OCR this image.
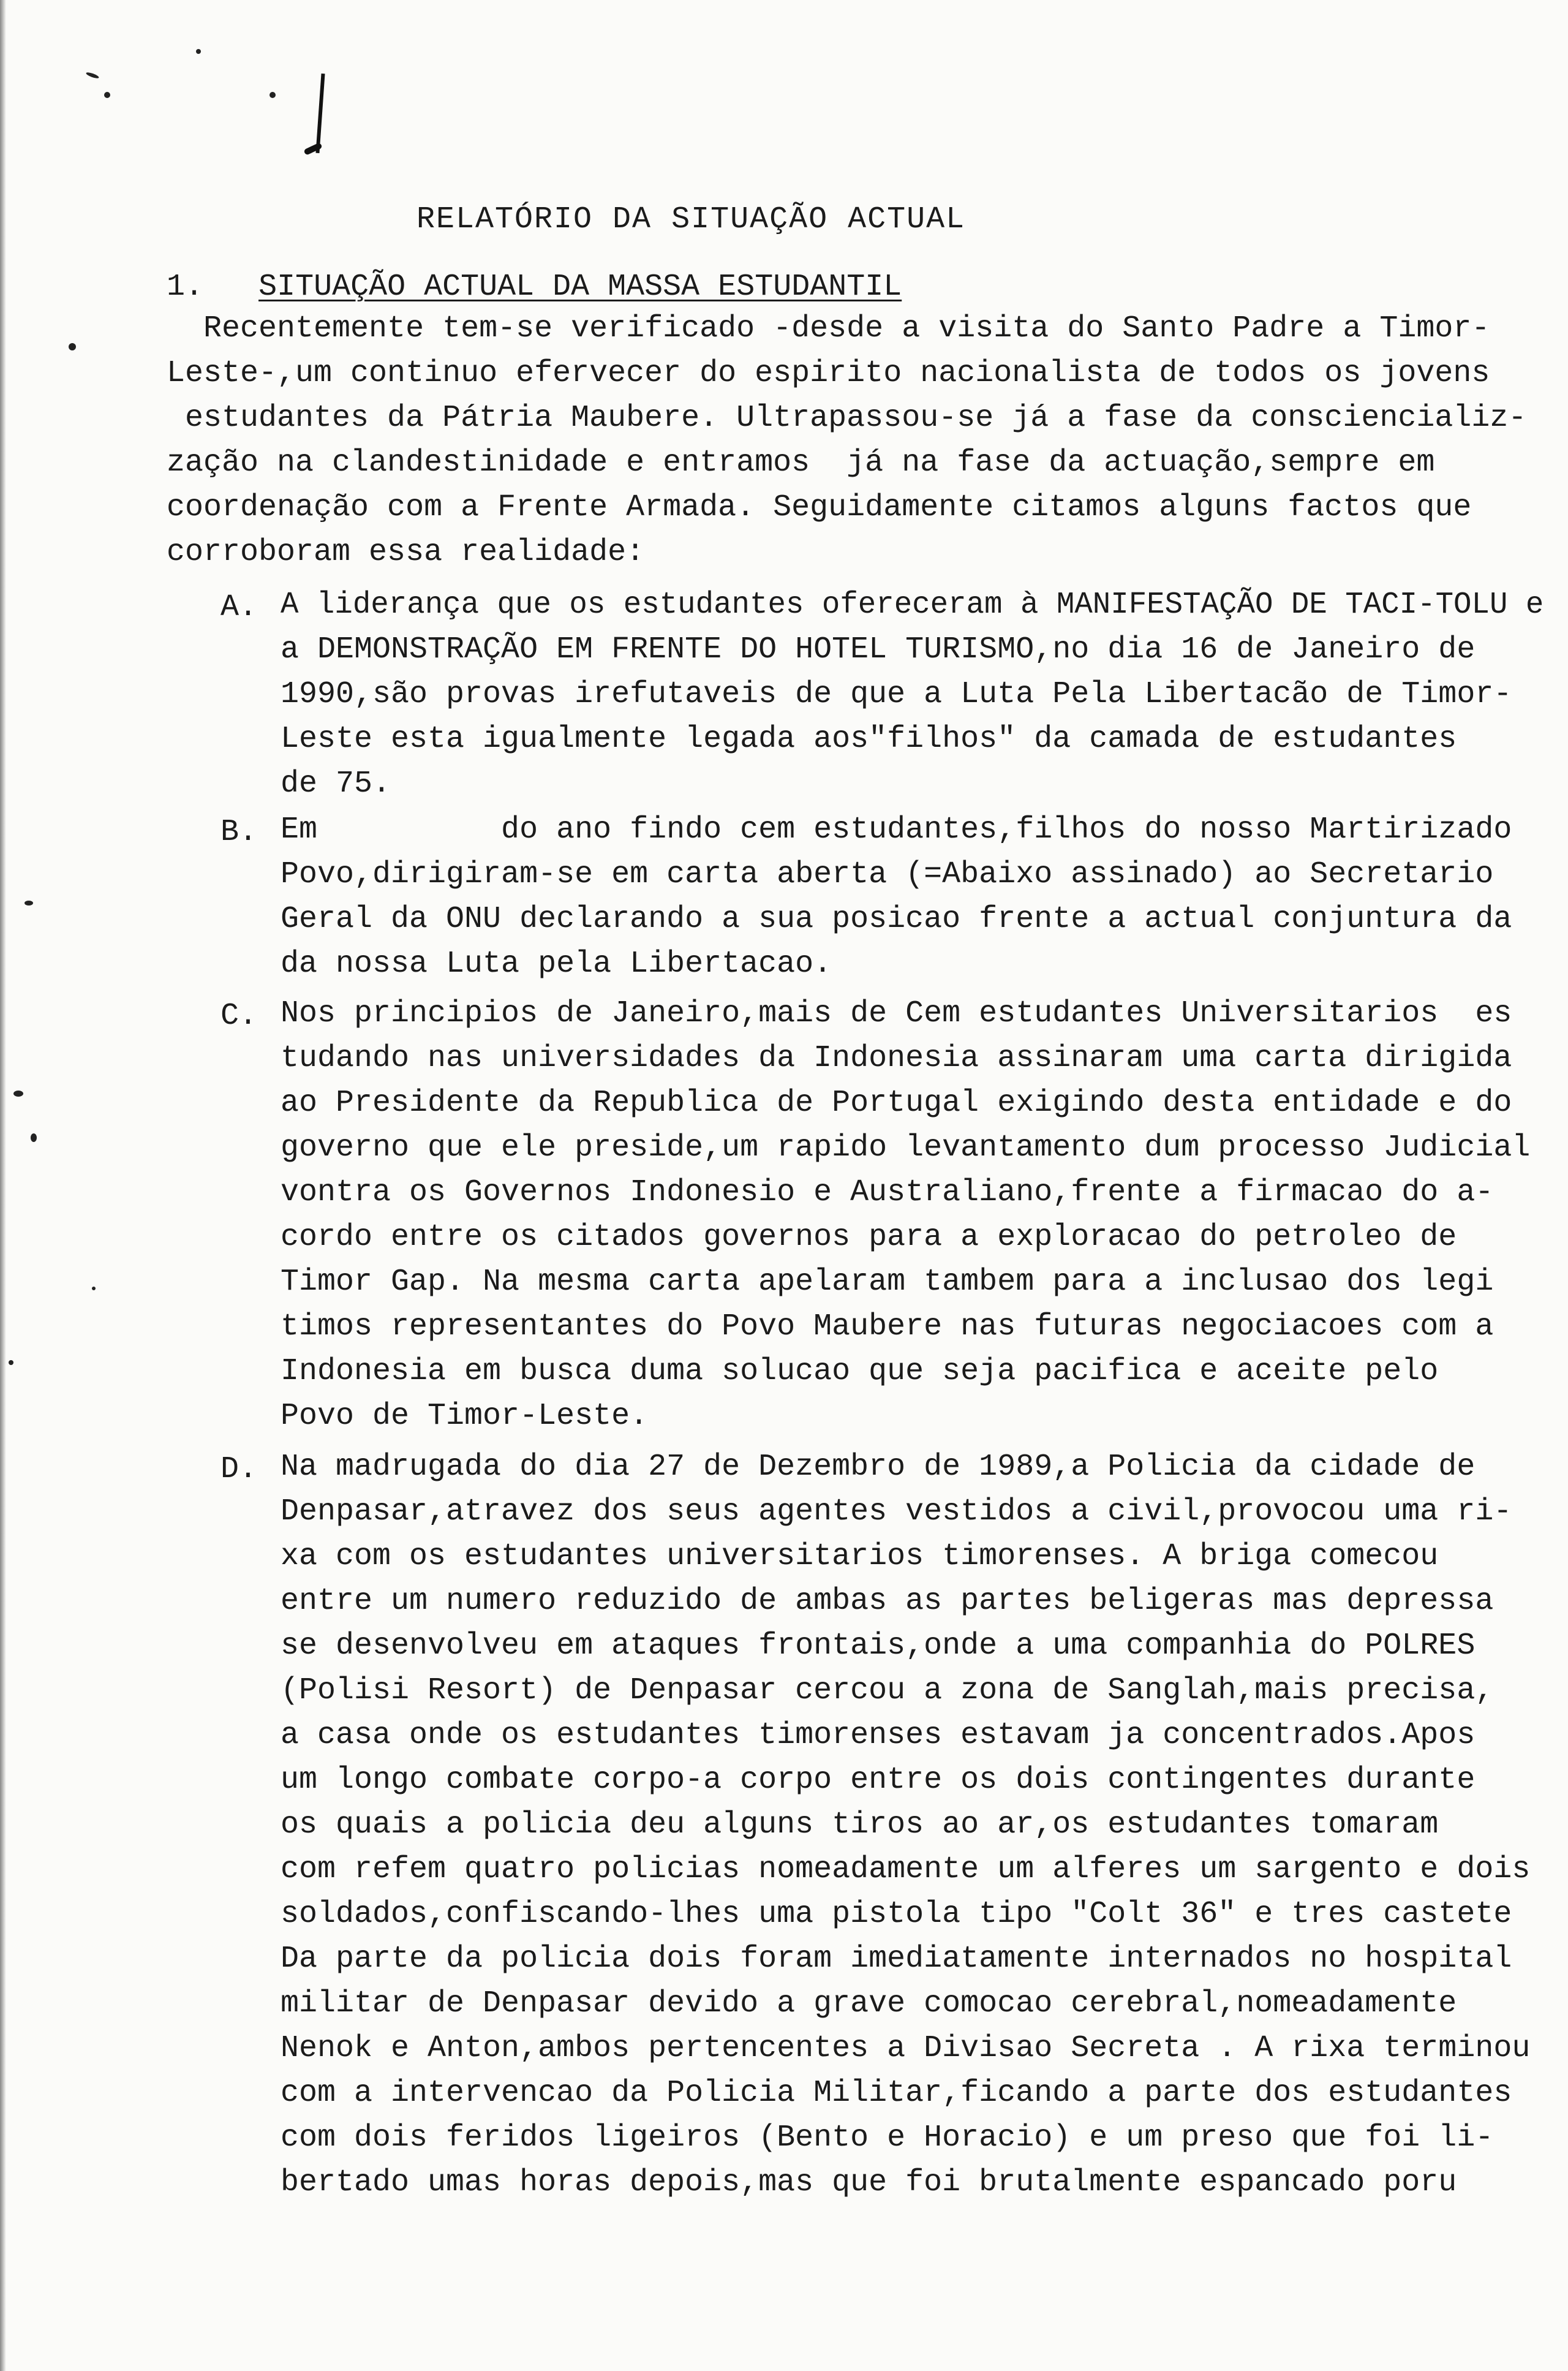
RELATÓRIO DA SITUAÇÃO ACTUAL
1. SITUAÇÃO ACTUAL DA MASSA ESTUDANTIL
Recentemente tem-se verificado -desde a visita do Santo Padre a Timor-
Leste-,um continuo efervecer do espirito nacionalista de todos os jovens
estudantes da Pátria Maubere. Ultrapassou-se já a fase da consciencializ-
zação na clandestinidade e entramos  já na fase da actuação,sempre em
coordenação com a Frente Armada. Seguidamente citamos alguns factos que
corroboram essa realidade:
A. A liderança que os estudantes ofereceram à MANIFESTAÇÃO DE TACI-TOLU e
a DEMONSTRAÇÃO EM FRENTE DO HOTEL TURISMO,no dia 16 de Janeiro de
1990,são provas irefutaveis de que a Luta Pela Libertacão de Timor-
Leste esta igualmente legada aos"filhos" da camada de estudantes
de 75.
B. Em          do ano findo cem estudantes,filhos do nosso Martirizado
Povo,dirigiram-se em carta aberta (=Abaixo assinado) ao Secretario
Geral da ONU declarando a sua posicao frente a actual conjuntura da
da nossa Luta pela Libertacao.
C. Nos principios de Janeiro,mais de Cem estudantes Universitarios  es
tudando nas universidades da Indonesia assinaram uma carta dirigida
ao Presidente da Republica de Portugal exigindo desta entidade e do
governo que ele preside,um rapido levantamento dum processo Judicial
vontra os Governos Indonesio e Australiano,frente a firmacao do a-
cordo entre os citados governos para a exploracao do petroleo de
Timor Gap. Na mesma carta apelaram tambem para a inclusao dos legi
timos representantes do Povo Maubere nas futuras negociacoes com a
Indonesia em busca duma solucao que seja pacifica e aceite pelo
Povo de Timor-Leste.
D. Na madrugada do dia 27 de Dezembro de 1989,a Policia da cidade de
Denpasar,atravez dos seus agentes vestidos a civil,provocou uma ri-
xa com os estudantes universitarios timorenses. A briga comecou
entre um numero reduzido de ambas as partes beligeras mas depressa
se desenvolveu em ataques frontais,onde a uma companhia do POLRES
(Polisi Resort) de Denpasar cercou a zona de Sanglah,mais precisa,
a casa onde os estudantes timorenses estavam ja concentrados.Apos
um longo combate corpo-a corpo entre os dois contingentes durante
os quais a policia deu alguns tiros ao ar,os estudantes tomaram
com refem quatro policias nomeadamente um alferes um sargento e dois
soldados,confiscando-lhes uma pistola tipo "Colt 36" e tres castete
Da parte da policia dois foram imediatamente internados no hospital
militar de Denpasar devido a grave comocao cerebral,nomeadamente
Nenok e Anton,ambos pertencentes a Divisao Secreta . A rixa terminou
com a intervencao da Policia Militar,ficando a parte dos estudantes
com dois feridos ligeiros (Bento e Horacio) e um preso que foi li-
bertado umas horas depois,mas que foi brutalmente espancado poru
